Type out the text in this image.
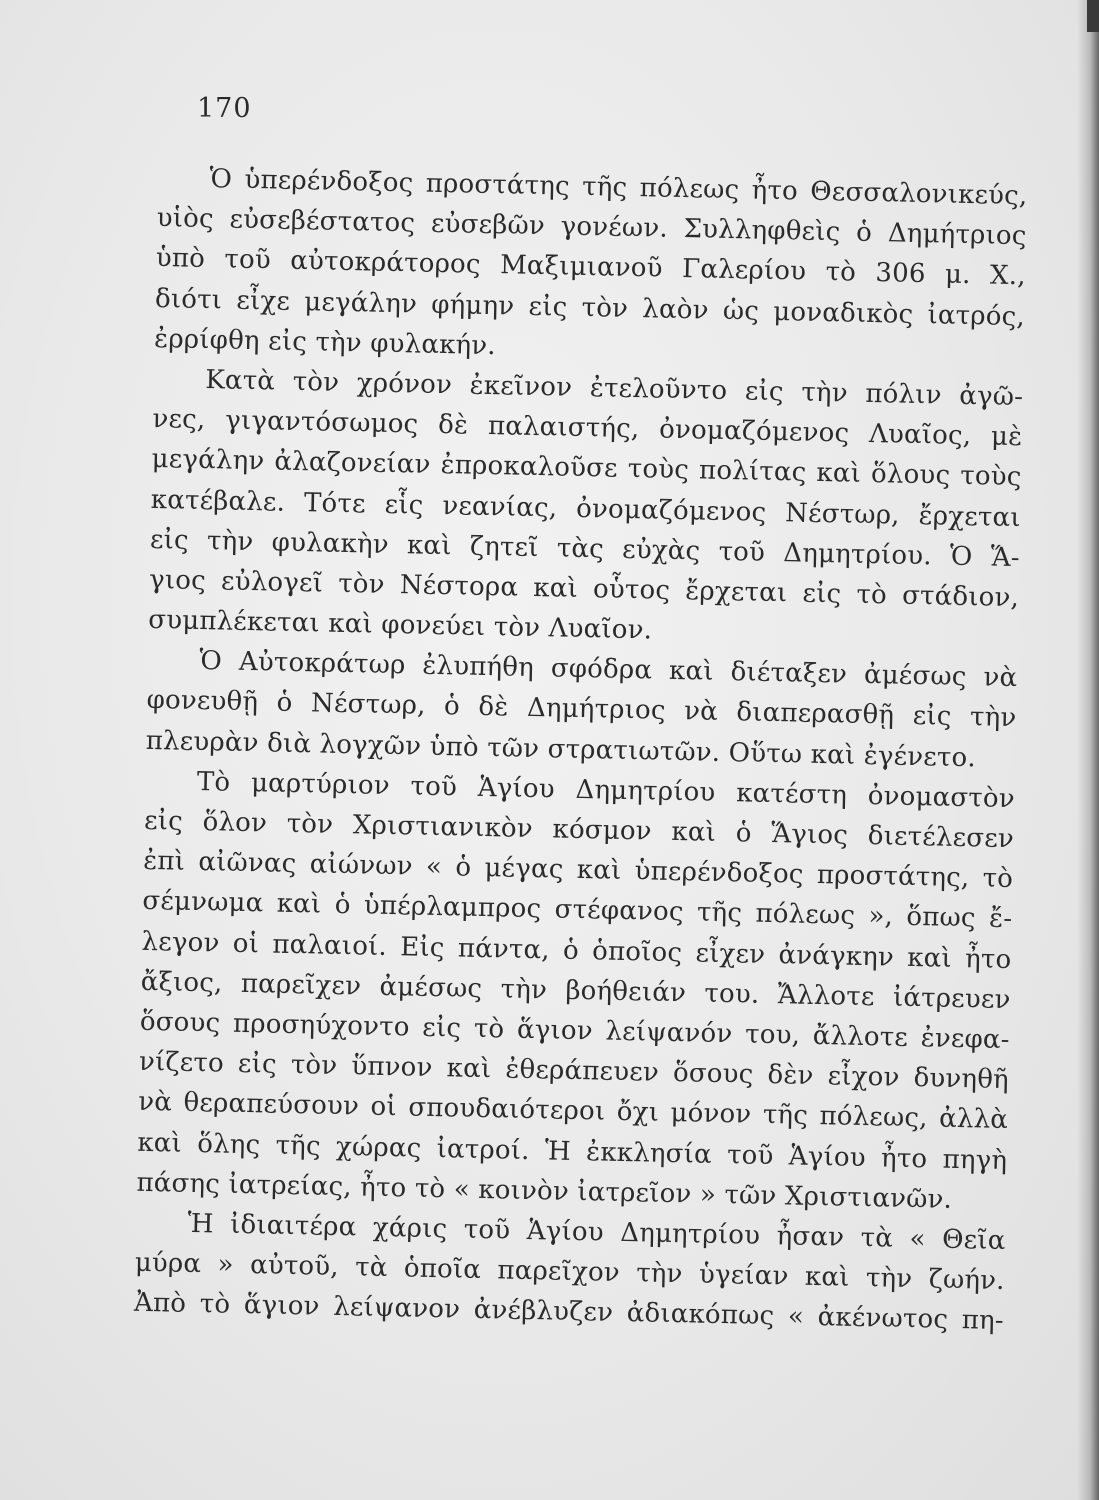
170
Ὁ ὑπερένδοξος προστάτης τῆς πόλεως ἦτο Θεσσαλονικεύς,
υἱὸς εὐσεβέστατος εὐσεβῶν γονέων. Συλληφθεὶς ὁ Δημήτριος
ὑπὸ τοῦ αὐτοκράτορος Μαξιμιανοῦ Γαλερίου τὸ 306 μ. Χ.,
διότι εἶχε μεγάλην φήμην εἰς τὸν λαὸν ὡς μοναδικὸς ἰατρός,
ἐρρίφθη εἰς τὴν φυλακήν.
Κατὰ τὸν χρόνον ἐκεῖνον ἐτελοῦντο εἰς τὴν πόλιν ἀγῶ-
νες, γιγαντόσωμος δὲ παλαιστής, ὀνομαζόμενος Λυαῖος, μὲ
μεγάλην ἀλαζονείαν ἐπροκαλοῦσε τοὺς πολίτας καὶ ὅλους τοὺς
κατέβαλε. Τότε εἷς νεανίας, ὀνομαζόμενος Νέστωρ, ἔρχεται
εἰς τὴν φυλακὴν καὶ ζητεῖ τὰς εὐχὰς τοῦ Δημητρίου. Ὁ Ἅ-
γιος εὐλογεῖ τὸν Νέστορα καὶ οὗτος ἔρχεται εἰς τὸ στάδιον,
συμπλέκεται καὶ φονεύει τὸν Λυαῖον.
Ὁ Αὐτοκράτωρ ἐλυπήθη σφόδρα καὶ διέταξεν ἀμέσως νὰ
φονευθῇ ὁ Νέστωρ, ὁ δὲ Δημήτριος νὰ διαπερασθῇ εἰς τὴν
πλευρὰν διὰ λογχῶν ὑπὸ τῶν στρατιωτῶν. Οὕτω καὶ ἐγένετο.
Τὸ μαρτύριον τοῦ Ἁγίου Δημητρίου κατέστη ὀνομαστὸν
εἰς ὅλον τὸν Χριστιανικὸν κόσμον καὶ ὁ Ἅγιος διετέλεσεν
ἐπὶ αἰῶνας αἰώνων « ὁ μέγας καὶ ὑπερένδοξος προστάτης, τὸ
σέμνωμα καὶ ὁ ὑπέρλαμπρος στέφανος τῆς πόλεως », ὅπως ἔ-
λεγον οἱ παλαιοί. Εἰς πάντα, ὁ ὁποῖος εἶχεν ἀνάγκην καὶ ἦτο
ἄξιος, παρεῖχεν ἀμέσως τὴν βοήθειάν του. Ἄλλοτε ἰάτρευεν
ὅσους προσηύχοντο εἰς τὸ ἅγιον λείψανόν του, ἄλλοτε ἐνεφα-
νίζετο εἰς τὸν ὕπνον καὶ ἐθεράπευεν ὅσους δὲν εἶχον δυνηθῆ
νὰ θεραπεύσουν οἱ σπουδαιότεροι ὄχι μόνον τῆς πόλεως, ἀλλὰ
καὶ ὅλης τῆς χώρας ἰατροί. Ἡ ἐκκλησία τοῦ Ἁγίου ἦτο πηγὴ
πάσης ἰατρείας, ἦτο τὸ « κοινὸν ἰατρεῖον » τῶν Χριστιανῶν.
Ἡ ἰδιαιτέρα χάρις τοῦ Ἁγίου Δημητρίου ἦσαν τὰ « Θεῖα
μύρα » αὐτοῦ, τὰ ὁποῖα παρεῖχον τὴν ὑγείαν καὶ τὴν ζωήν.
Ἀπὸ τὸ ἅγιον λείψανον ἀνέβλυζεν ἀδιακόπως « ἀκένωτος πη-
